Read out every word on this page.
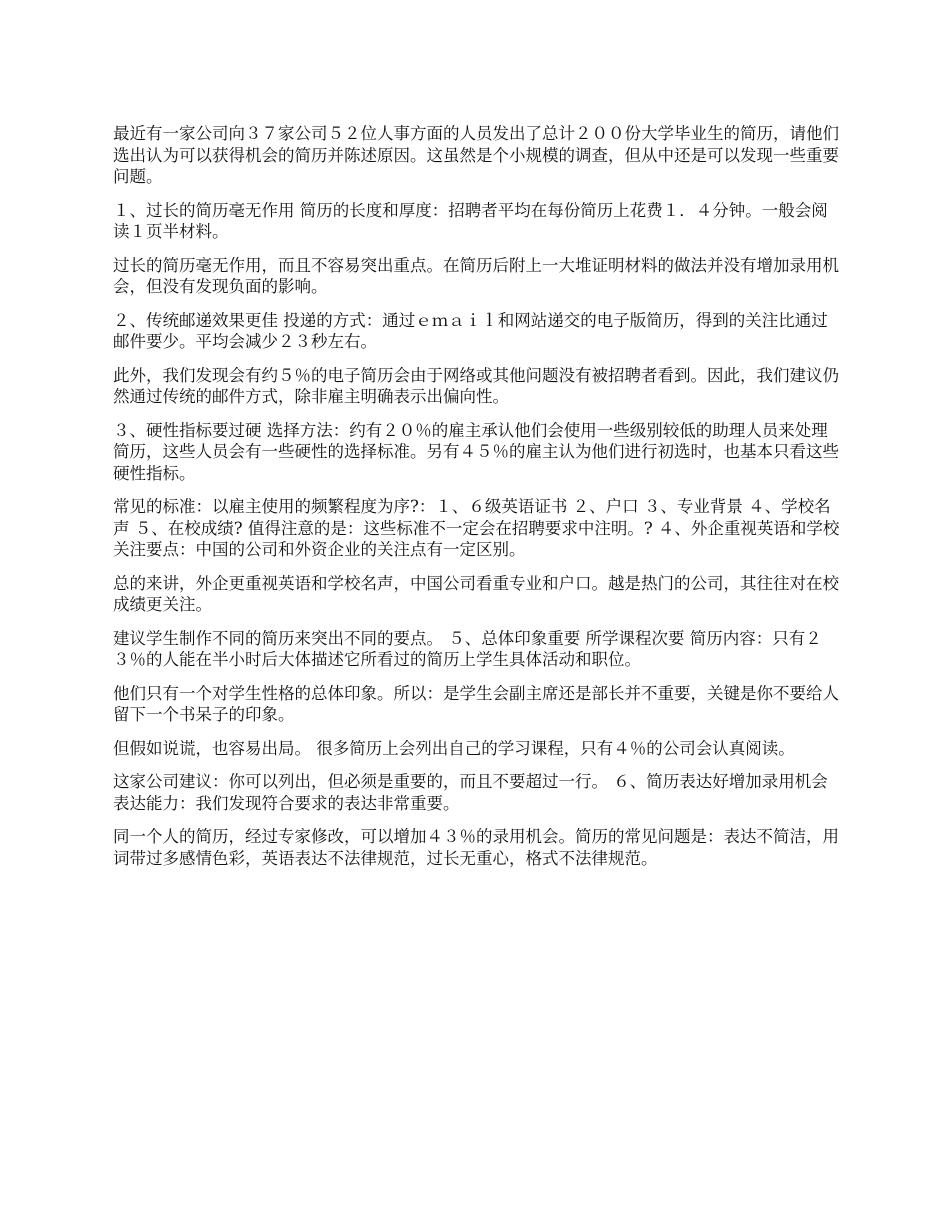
最近有一家公司向３７家公司５２位人事方面的人员发出了总计２００份大学毕业生的简历，请他们选出认为可以获得机会的简历并陈述原因。这虽然是个小规模的调查，但从中还是可以发现一些重要问题。

１、过长的简历毫无作用 简历的长度和厚度：招聘者平均在每份简历上花费１．４分钟。一般会阅读１页半材料。

过长的简历毫无作用，而且不容易突出重点。在简历后附上一大堆证明材料的做法并没有增加录用机会，但没有发现负面的影响。

２、传统邮递效果更佳 投递的方式：通过ｅｍａｉｌ和网站递交的电子版简历，得到的关注比通过邮件要少。平均会减少２３秒左右。

此外，我们发现会有约５％的电子简历会由于网络或其他问题没有被招聘者看到。因此，我们建议仍然通过传统的邮件方式，除非雇主明确表示出偏向性。

３、硬性指标要过硬 选择方法：约有２０％的雇主承认他们会使用一些级别较低的助理人员来处理简历，这些人员会有一些硬性的选择标准。另有４５％的雇主认为他们进行初选时，也基本只看这些硬性指标。

常见的标准：以雇主使用的频繁程度为序?：１、６级英语证书 ２、户口 ３、专业背景 ４、学校名声 ５、在校成绩? 值得注意的是：这些标准不一定会在招聘要求中注明。? ４、外企重视英语和学校 关注要点：中国的公司和外资企业的关注点有一定区别。

总的来讲，外企更重视英语和学校名声，中国公司看重专业和户口。越是热门的公司，其往往对在校成绩更关注。

建议学生制作不同的简历来突出不同的要点。 ５、总体印象重要 所学课程次要 简历内容：只有２３％的人能在半小时后大体描述它所看过的简历上学生具体活动和职位。

他们只有一个对学生性格的总体印象。所以：是学生会副主席还是部长并不重要，关键是你不要给人留下一个书呆子的印象。

但假如说谎，也容易出局。 很多简历上会列出自己的学习课程，只有４％的公司会认真阅读。

这家公司建议：你可以列出，但必须是重要的，而且不要超过一行。 ６、简历表达好增加录用机会 表达能力：我们发现符合要求的表达非常重要。

同一个人的简历，经过专家修改，可以增加４３％的录用机会。简历的常见问题是：表达不简洁，用词带过多感情色彩，英语表达不法律规范，过长无重心，格式不法律规范。
